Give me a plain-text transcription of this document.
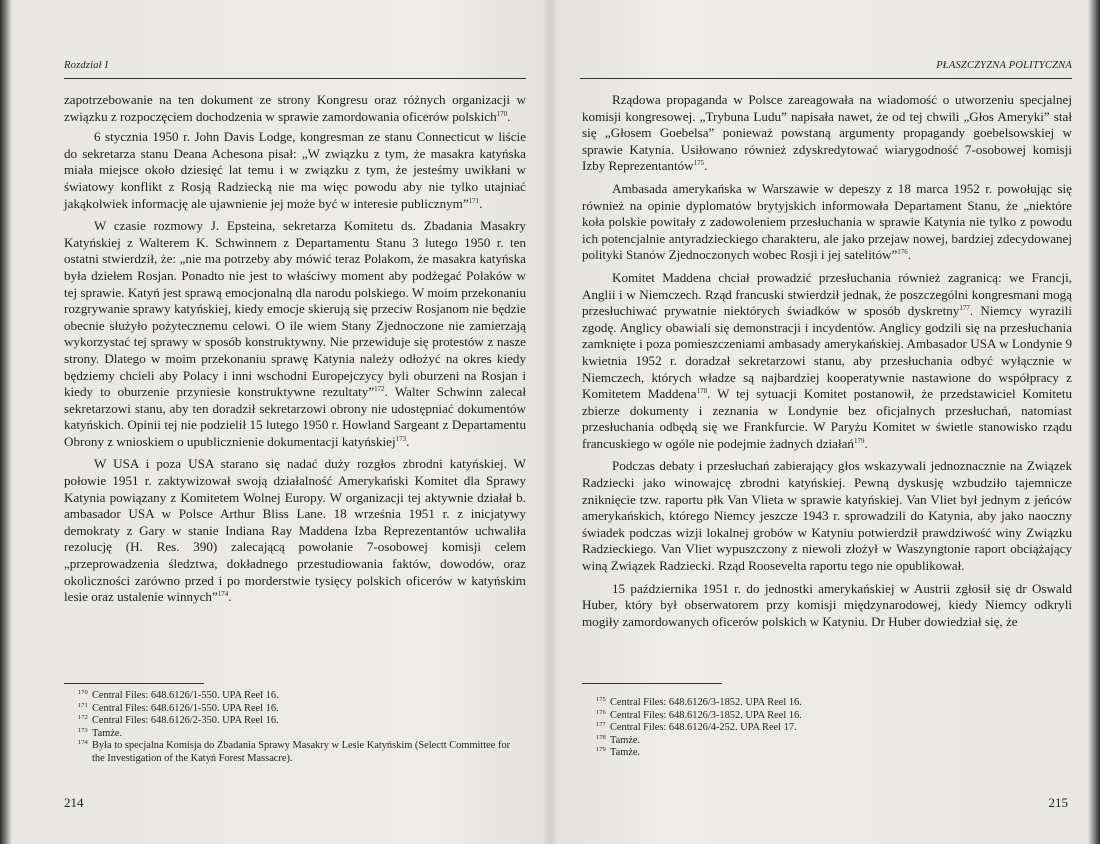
Rozdział I

zapotrzebowanie na ten dokument ze strony Kongresu oraz różnych organizacji w związku z rozpoczęciem dochodzenia w sprawie zamordowania oficerów polskich$^{170}$.

6 stycznia 1950 r. John Davis Lodge, kongresman ze stanu Connecticut w liście do sekretarza stanu Deana Achesona pisał: „W związku z tym, że masakra katyńska miała miejsce około dziesięć lat temu i w związku z tym, że jesteśmy uwikłani w światowy konflikt z Rosją Radziecką nie ma więc powodu aby nie tylko utajniać jakąkolwiek informację ale ujawnienie jej może być w interesie publicznym”$^{171}$.

W czasie rozmowy J. Epsteina, sekretarza Komitetu ds. Zbadania Masakry Katyńskiej z Walterem K. Schwinnem z Departamentu Stanu 3 lutego 1950 r. ten ostatni stwierdził, że: „nie ma potrzeby aby mówić teraz Polakom, że masakra katyńska była dziełem Rosjan. Ponadto nie jest to właściwy moment aby podżegać Polaków w tej sprawie. Katyń jest sprawą emocjonalną dla narodu polskiego. W moim przekonaniu rozgrywanie sprawy katyńskiej, kiedy emocje skierują się przeciw Rosjanom nie będzie obecnie służyło pożytecznemu celowi. O ile wiem Stany Zjednoczone nie zamierzają wykorzystać tej sprawy w sposób konstruktywny. Nie przewiduje się protestów z nasze strony. Dlatego w moim przekonaniu sprawę Katynia należy odłożyć na okres kiedy będziemy chcieli aby Polacy i inni wschodni Europejczycy byli oburzeni na Rosjan i kiedy to oburzenie przyniesie konstruktywne rezultaty”$^{172}$. Walter Schwinn zalecał sekretarzowi stanu, aby ten doradził sekretarzowi obrony nie udostępniać dokumentów katyńskich. Opinii tej nie podzielił 15 lutego 1950 r. Howland Sargeant z Departamentu Obrony z wnioskiem o upublicznienie dokumentacji katyńskiej$^{173}$.

W USA i poza USA starano się nadać duży rozgłos zbrodni katyńskiej. W połowie 1951 r. zaktywizował swoją działalność Amerykański Komitet dla Sprawy Katynia powiązany z Komitetem Wolnej Europy. W organizacji tej aktywnie działał b. ambasador USA w Polsce Arthur Bliss Lane. 18 września 1951 r. z inicjatywy demokraty z Gary w stanie Indiana Ray Maddena Izba Reprezentantów uchwaliła rezolucję (H. Res. 390) zalecającą powołanie 7-osobowej komisji celem „przeprowadzenia śledztwa, dokładnego przestudiowania faktów, dowodów, oraz okoliczności zarówno przed i po morderstwie tysięcy polskich oficerów w katyńskim lesie oraz ustalenie winnych”$^{174}$.

$^{170}$ Central Files: 648.6126/1-550. UPA Reel 16.
$^{171}$ Central Files: 648.6126/1-550. UPA Reel 16.
$^{172}$ Central Files: 648.6126/2-350. UPA Reel 16.
$^{173}$ Tamże.
$^{174}$ Była to specjalna Komisja do Zbadania Sprawy Masakry w Lesie Katyńskim (Selectt Committee for the Investigation of the Katyń Forest Massacre).
214
PŁASZCZYZNA POLITYCZNA

Rządowa propaganda w Polsce zareagowała na wiadomość o utworzeniu specjalnej komisji kongresowej. „Trybuna Ludu” napisała nawet, że od tej chwili „Głos Ameryki” stał się „Głosem Goebelsa” ponieważ powstaną argumenty propagandy goebelsowskiej w sprawie Katynia. Usiłowano również zdyskredytować wiarygodność 7-osobowej komisji Izby Reprezentantów$^{175}$.

Ambasada amerykańska w Warszawie w depeszy z 18 marca 1952 r. powołując się również na opinie dyplomatów brytyjskich informowała Departament Stanu, że „niektóre koła polskie powitały z zadowoleniem przesłuchania w sprawie Katynia nie tylko z powodu ich potencjalnie antyradzieckiego charakteru, ale jako przejaw nowej, bardziej zdecydowanej polityki Stanów Zjednoczonych wobec Rosji i jej satelitów”$^{176}$.

Komitet Maddena chciał prowadzić przesłuchania również zagranicą: we Francji, Anglii i w Niemczech. Rząd francuski stwierdził jednak, że poszczególni kongresmani mogą przesłuchiwać prywatnie niektórych świadków w sposób dyskretny$^{177}$. Niemcy wyrazili zgodę. Anglicy obawiali się demonstracji i incydentów. Anglicy godzili się na przesłuchania zamknięte i poza pomieszczeniami ambasady amerykańskiej. Ambasador USA w Londynie 9 kwietnia 1952 r. doradzał sekretarzowi stanu, aby przesłuchania odbyć wyłącznie w Niemczech, których władze są najbardziej kooperatywnie nastawione do współpracy z Komitetem Maddena$^{178}$. W tej sytuacji Komitet postanowił, że przedstawiciel Komitetu zbierze dokumenty i zeznania w Londynie bez oficjalnych przesłuchań, natomiast przesłuchania odbędą się we Frankfurcie. W Paryżu Komitet w świetle stanowisko rządu francuskiego w ogóle nie podejmie żadnych działań$^{179}$.

Podczas debaty i przesłuchań zabierający głos wskazywali jednoznacznie na Związek Radziecki jako winowajcę zbrodni katyńskiej. Pewną dyskusję wzbudziło tajemnicze zniknięcie tzw. raportu płk Van Vlieta w sprawie katyńskiej. Van Vliet był jednym z jeńców amerykańskich, którego Niemcy jeszcze 1943 r. sprowadzili do Katynia, aby jako naoczny świadek podczas wizji lokalnej grobów w Katyniu potwierdził prawdziwość winy Związku Radzieckiego. Van Vliet wypuszczony z niewoli złożył w Waszyngtonie raport obciążający winą Związek Radziecki. Rząd Roosevelta raportu tego nie opublikował.

15 października 1951 r. do jednostki amerykańskiej w Austrii zgłosił się dr Oswald Huber, który był obserwatorem przy komisji międzynarodowej, kiedy Niemcy odkryli mogiły zamordowanych oficerów polskich w Katyniu. Dr Huber dowiedział się, że

$^{175}$ Central Files: 648.6126/3-1852. UPA Reel 16.
$^{176}$ Central Files: 648.6126/3-1852. UPA Reel 16.
$^{177}$ Central Files: 648.6126/4-252. UPA Reel 17.
$^{178}$ Tamże.
$^{179}$ Tamże.
215
